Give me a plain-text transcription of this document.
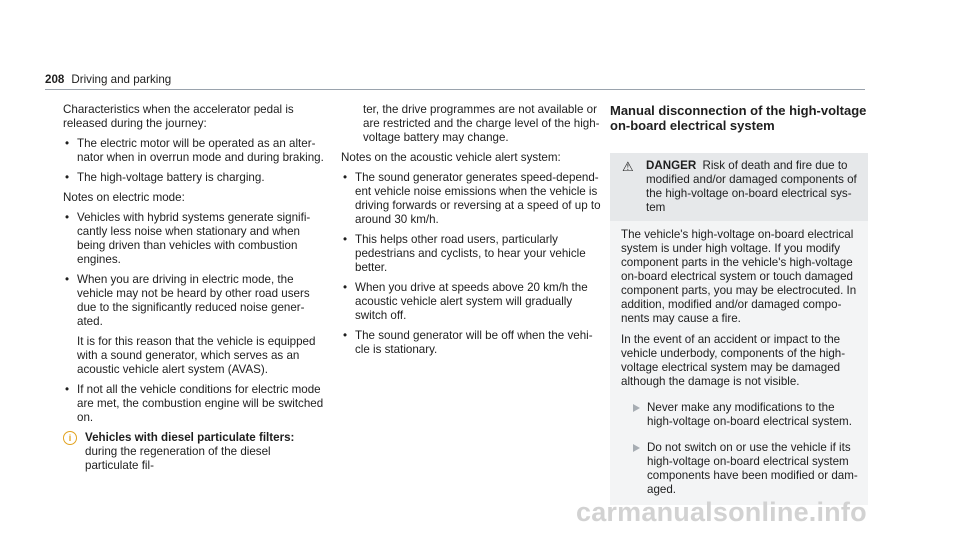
208 Driving and parking

Characteristics when the accelerator pedal is released during the journey:

• The electric motor will be operated as an alternator when in overrun mode and during braking.
• The high-voltage battery is charging.

Notes on electric mode:

• Vehicles with hybrid systems generate significantly less noise when stationary and when being driven than vehicles with combustion engines.
• When you are driving in electric mode, the vehicle may not be heard by other road users due to the significantly reduced noise generated.

It is for this reason that the vehicle is equipped with a sound generator, which serves as an acoustic vehicle alert system (AVAS).

• If not all the vehicle conditions for electric mode are met, the combustion engine will be switched on.
i	Vehicles with diesel particulate filters: during the regeneration of the diesel particulate fil-

ter, the drive programmes are not available or are restricted and the charge level of the high-voltage battery may change.

Notes on the acoustic vehicle alert system:

• The sound generator generates speed-dependent vehicle noise emissions when the vehicle is driving forwards or reversing at a speed of up to around 30 km/h.
• This helps other road users, particularly pedestrians and cyclists, to hear your vehicle better.
• When you drive at speeds above 20 km/h the acoustic vehicle alert system will gradually switch off.
• The sound generator will be off when the vehicle is stationary.
Manual disconnection of the high-voltage on-board electrical system
⚠ DANGER Risk of death and fire due to modified and/or damaged components of the high-voltage on-board electrical system

The vehicle's high-voltage on-board electrical system is under high voltage. If you modify component parts in the vehicle's high-voltage on-board electrical system or touch damaged component parts, you may be electrocuted. In addition, modified and/or damaged components may cause a fire.

In the event of an accident or impact to the vehicle underbody, components of the high-voltage electrical system may be damaged although the damage is not visible.

Never make any modifications to the high-voltage on-board electrical system.
Do not switch on or use the vehicle if its high-voltage on-board electrical system components have been modified or damaged.
carmanualsonline.info
